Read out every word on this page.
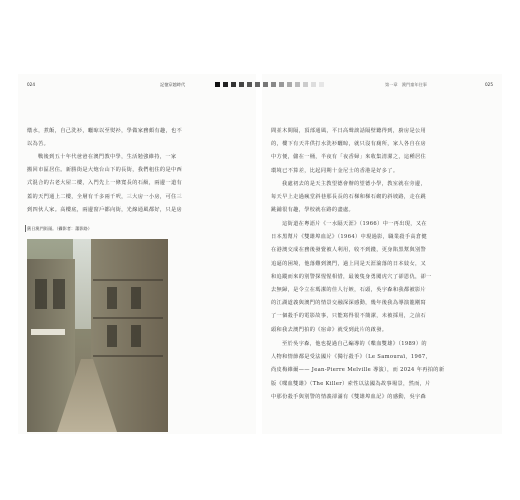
024	記憶穿越時代	第一章　澳門童年往事	025
燉水，煮飯，自己洗衫，曬晾以至熨衫，學做家務頗有趣，也不
以為苦。
戰後到五十年代爸爸在澳門教中學，生活勉強維持，一家
搬回市區居住。新勝街是大炮台山下的長街，我們租住的是中西
式混合的古老大屋二樓，入門先上一條寬長的石級，兩邊一道有
蓋的天門通上二樓，全層有千多兩千呎，三大房一小房，可住三
到四伙人家。高樓底，兩邊窗戶都向街，光線通風都好，只是房
舊日澳門街頭。（攝影者：蕭影路）
間並木間隔，頂部通風，平日高聲談話隔壁聽得到，廚房是公用
的，樓下有天井供打水洗衫曬晾，就只沒有廁所，家人各自在房
中方便，儲在一桶，半夜有「夜香婦」來收集清潔之，這種居住
環境已不算差，比起同期十金尼士的香港是好多了。
我處初去的是天主教望德會辦的望德小學，教室就在旁邊，
每天早上走過瘋堂斜巷那長長的石梯和梯石砌的斜坡路，走在跳
跳鋪很有趣，學校就在路的盡處。
這街道在粵語片《一水隔天涯》（1966）中一再出現，又在
日本黑幫片《雙雄埠血記》（1964）中現過影，職業殺手高倉健
在港澳交成在務後發覺被人利用，收不到錢，更身陷黑幫與別警
追逼的困境，他落難到澳門，過上同是天涯淪落的日本妓女，又
和追蹤而來的別警探惺惺相惜，最後隻身勇闖虎穴了卻恩仇，卻一
去無歸，是令立在瑪潔的佳人行嫉，石頭，吳宇森和我都被影片
的江湖道義與澳門的情景交融深深感動，幾年後我為導演龍剛寫
了一個殺手的電影故事，只能寫得很不簡潔，未被採用，之前石
頭和我去澳門拍的《宿命》就受到此片的啟發。
至於吳宇森，他也提過自己編導的《喋血雙雄》（1989）的
人物和情節都是受法國片《獨行殺手》（Le Samouraï，1967，
尚皮梅維爾—— Jean-Pierre Melville 導演），而 2024 年再拍的新
版《喋血雙雄》（The Killer）索性以法國為故事場景，然而，片
中那份殺手與別警的情義卻滿有《雙雄埠血記》的感動，吳宇森
